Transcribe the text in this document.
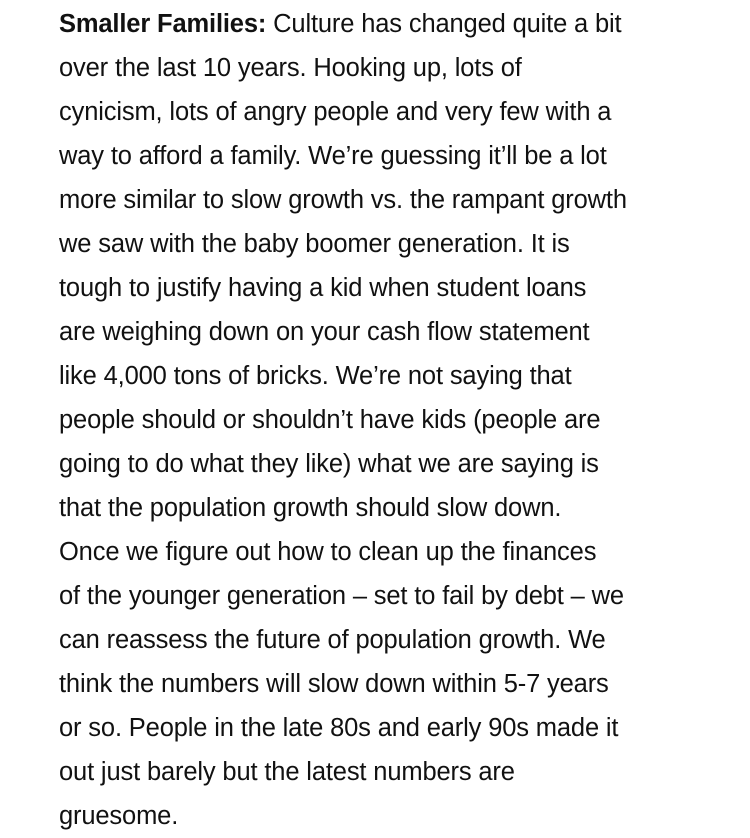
Smaller Families: Culture has changed quite a bit
over the last 10 years. Hooking up, lots of
cynicism, lots of angry people and very few with a
way to afford a family. We’re guessing it’ll be a lot
more similar to slow growth vs. the rampant growth
we saw with the baby boomer generation. It is
tough to justify having a kid when student loans
are weighing down on your cash flow statement
like 4,000 tons of bricks. We’re not saying that
people should or shouldn’t have kids (people are
going to do what they like) what we are saying is
that the population growth should slow down.
Once we figure out how to clean up the finances
of the younger generation – set to fail by debt – we
can reassess the future of population growth. We
think the numbers will slow down within 5-7 years
or so. People in the late 80s and early 90s made it
out just barely but the latest numbers are
gruesome.
